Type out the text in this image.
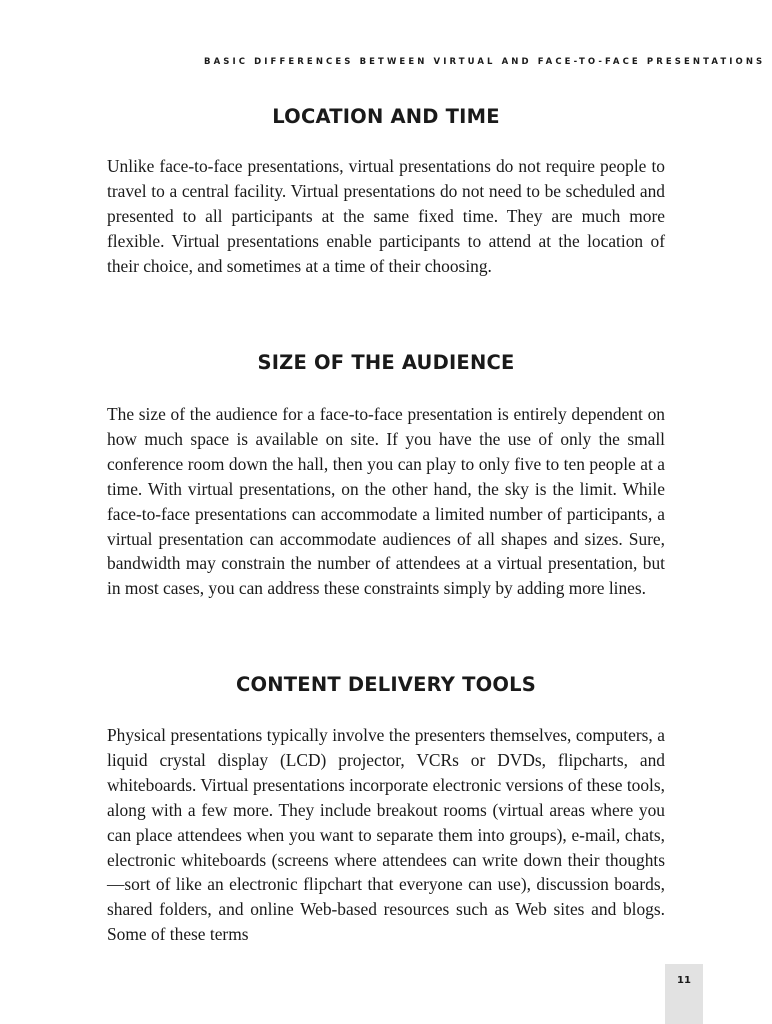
BASIC DIFFERENCES BETWEEN VIRTUAL AND FACE-TO-FACE PRESENTATIONS
LOCATION AND TIME

Unlike face-to-face presentations, virtual presentations do not require people to travel to a central facility. Virtual presentations do not need to be scheduled and presented to all participants at the same fixed time. They are much more flexible. Virtual presentations enable participants to attend at the location of their choice, and sometimes at a time of their choosing.

SIZE OF THE AUDIENCE

The size of the audience for a face-to-face presentation is entirely dependent on how much space is available on site. If you have the use of only the small conference room down the hall, then you can play to only five to ten people at a time. With virtual presentations, on the other hand, the sky is the limit. While face-to-face presentations can accommodate a limited number of participants, a virtual presentation can accommodate audiences of all shapes and sizes. Sure, bandwidth may constrain the number of attendees at a virtual presentation, but in most cases, you can address these constraints simply by adding more lines.

CONTENT DELIVERY TOOLS

Physical presentations typically involve the presenters themselves, computers, a liquid crystal display (LCD) projector, VCRs or DVDs, flipcharts, and whiteboards. Virtual presentations incorporate electronic versions of these tools, along with a few more. They include breakout rooms (virtual areas where you can place attendees when you want to separate them into groups), e-mail, chats, electronic whiteboards (screens where attendees can write down their thoughts—sort of like an electronic flipchart that everyone can use), discussion boards, shared folders, and online Web-based resources such as Web sites and blogs. Some of these terms

11
